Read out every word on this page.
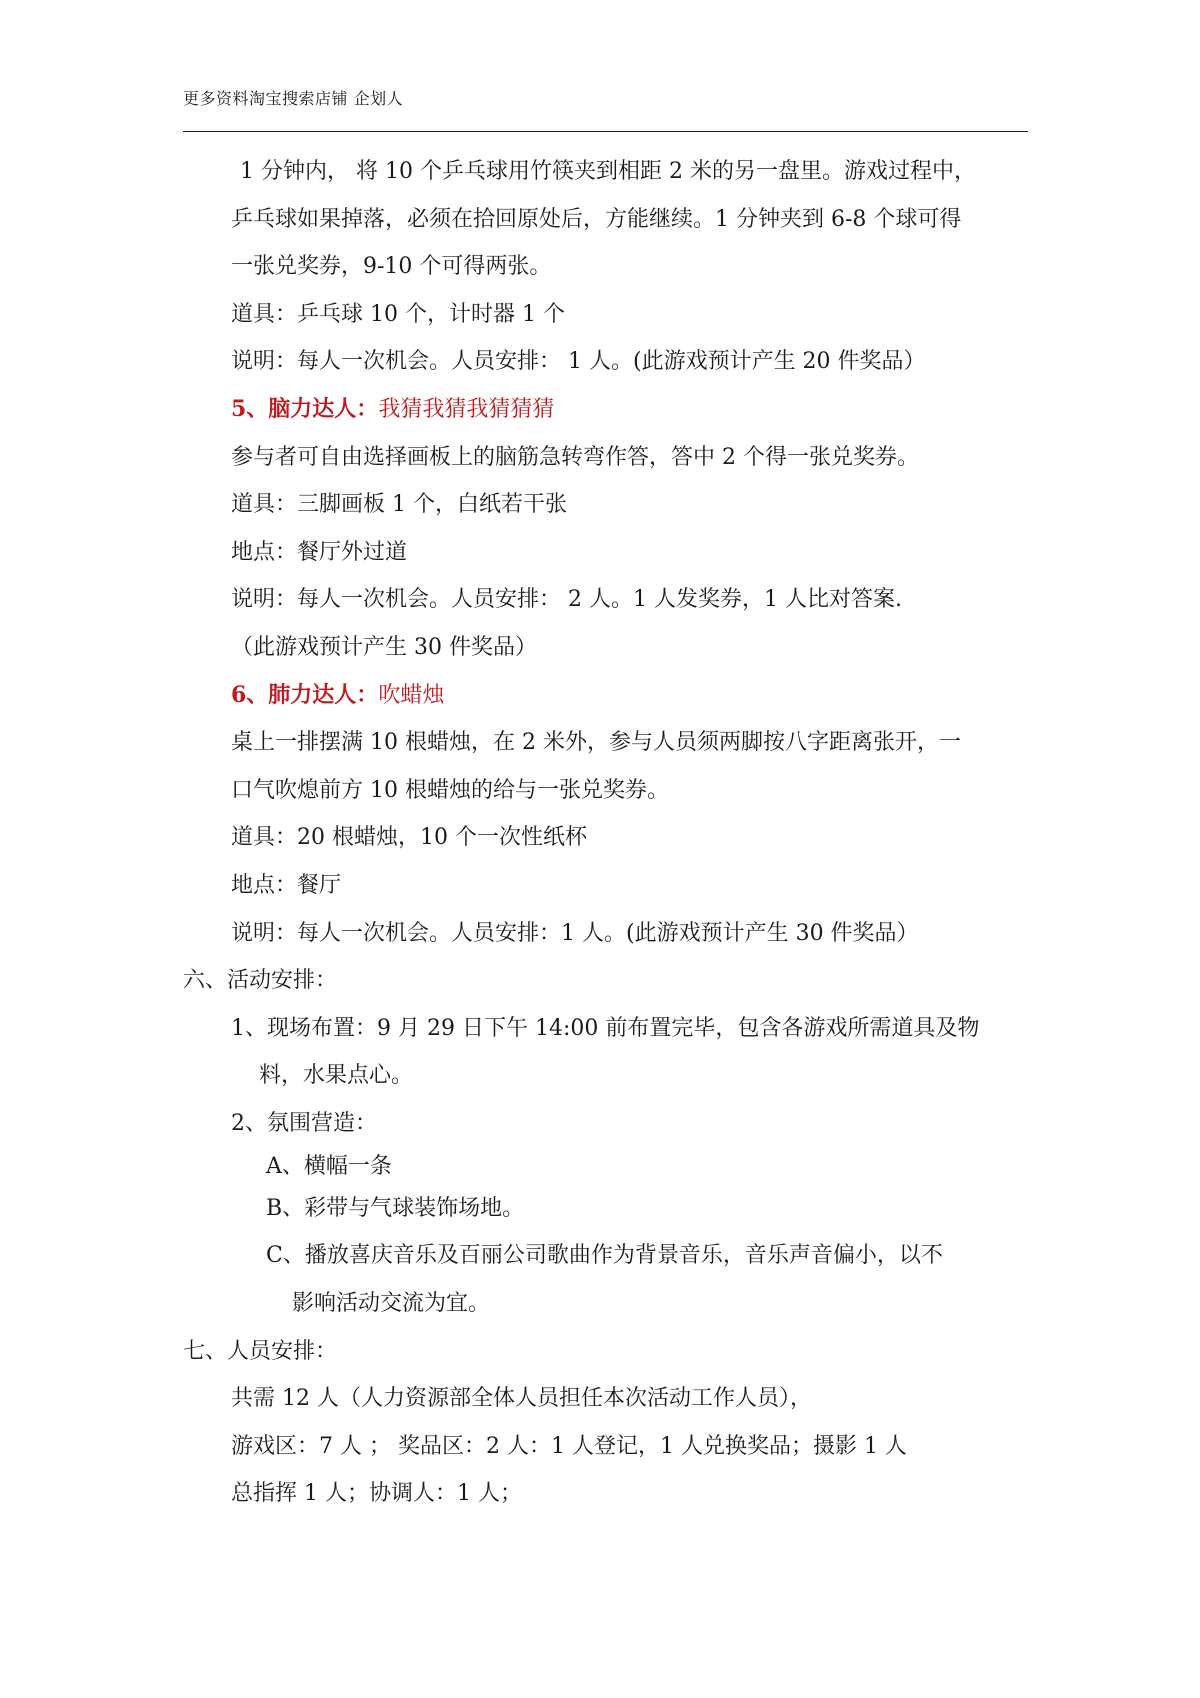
更多资料淘宝搜索店铺 企划人
1 分钟内， 将 10 个乒乓球用竹筷夹到相距 2 米的另一盘里。游戏过程中，
乒乓球如果掉落，必须在拾回原处后，方能继续。1 分钟夹到 6-8 个球可得
一张兑奖券，9-10 个可得两张。
道具：乒乓球 10 个，计时器 1 个
说明：每人一次机会。人员安排： 1 人。(此游戏预计产生 20 件奖品）
5、脑力达人：我猜我猜我猜猜猜
参与者可自由选择画板上的脑筋急转弯作答，答中 2 个得一张兑奖券。
道具：三脚画板 1 个，白纸若干张
地点：餐厅外过道
说明：每人一次机会。人员安排： 2 人。1 人发奖券，1 人比对答案.
（此游戏预计产生 30 件奖品）
6、肺力达人：吹蜡烛
桌上一排摆满 10 根蜡烛，在 2 米外，参与人员须两脚按八字距离张开，一
口气吹熄前方 10 根蜡烛的给与一张兑奖券。
道具：20 根蜡烛，10 个一次性纸杯
地点：餐厅
说明：每人一次机会。人员安排：1 人。(此游戏预计产生 30 件奖品）
六、活动安排：
1、现场布置：9 月 29 日下午 14:00 前布置完毕，包含各游戏所需道具及物
料，水果点心。
2、氛围营造：
A、横幅一条
B、彩带与气球装饰场地。
C、播放喜庆音乐及百丽公司歌曲作为背景音乐，音乐声音偏小，以不
影响活动交流为宜。
七、人员安排：
共需 12 人（人力资源部全体人员担任本次活动工作人员），
游戏区：7 人 ； 奖品区：2 人：1 人登记，1 人兑换奖品；摄影 1 人
总指挥 1 人；协调人：1 人；
